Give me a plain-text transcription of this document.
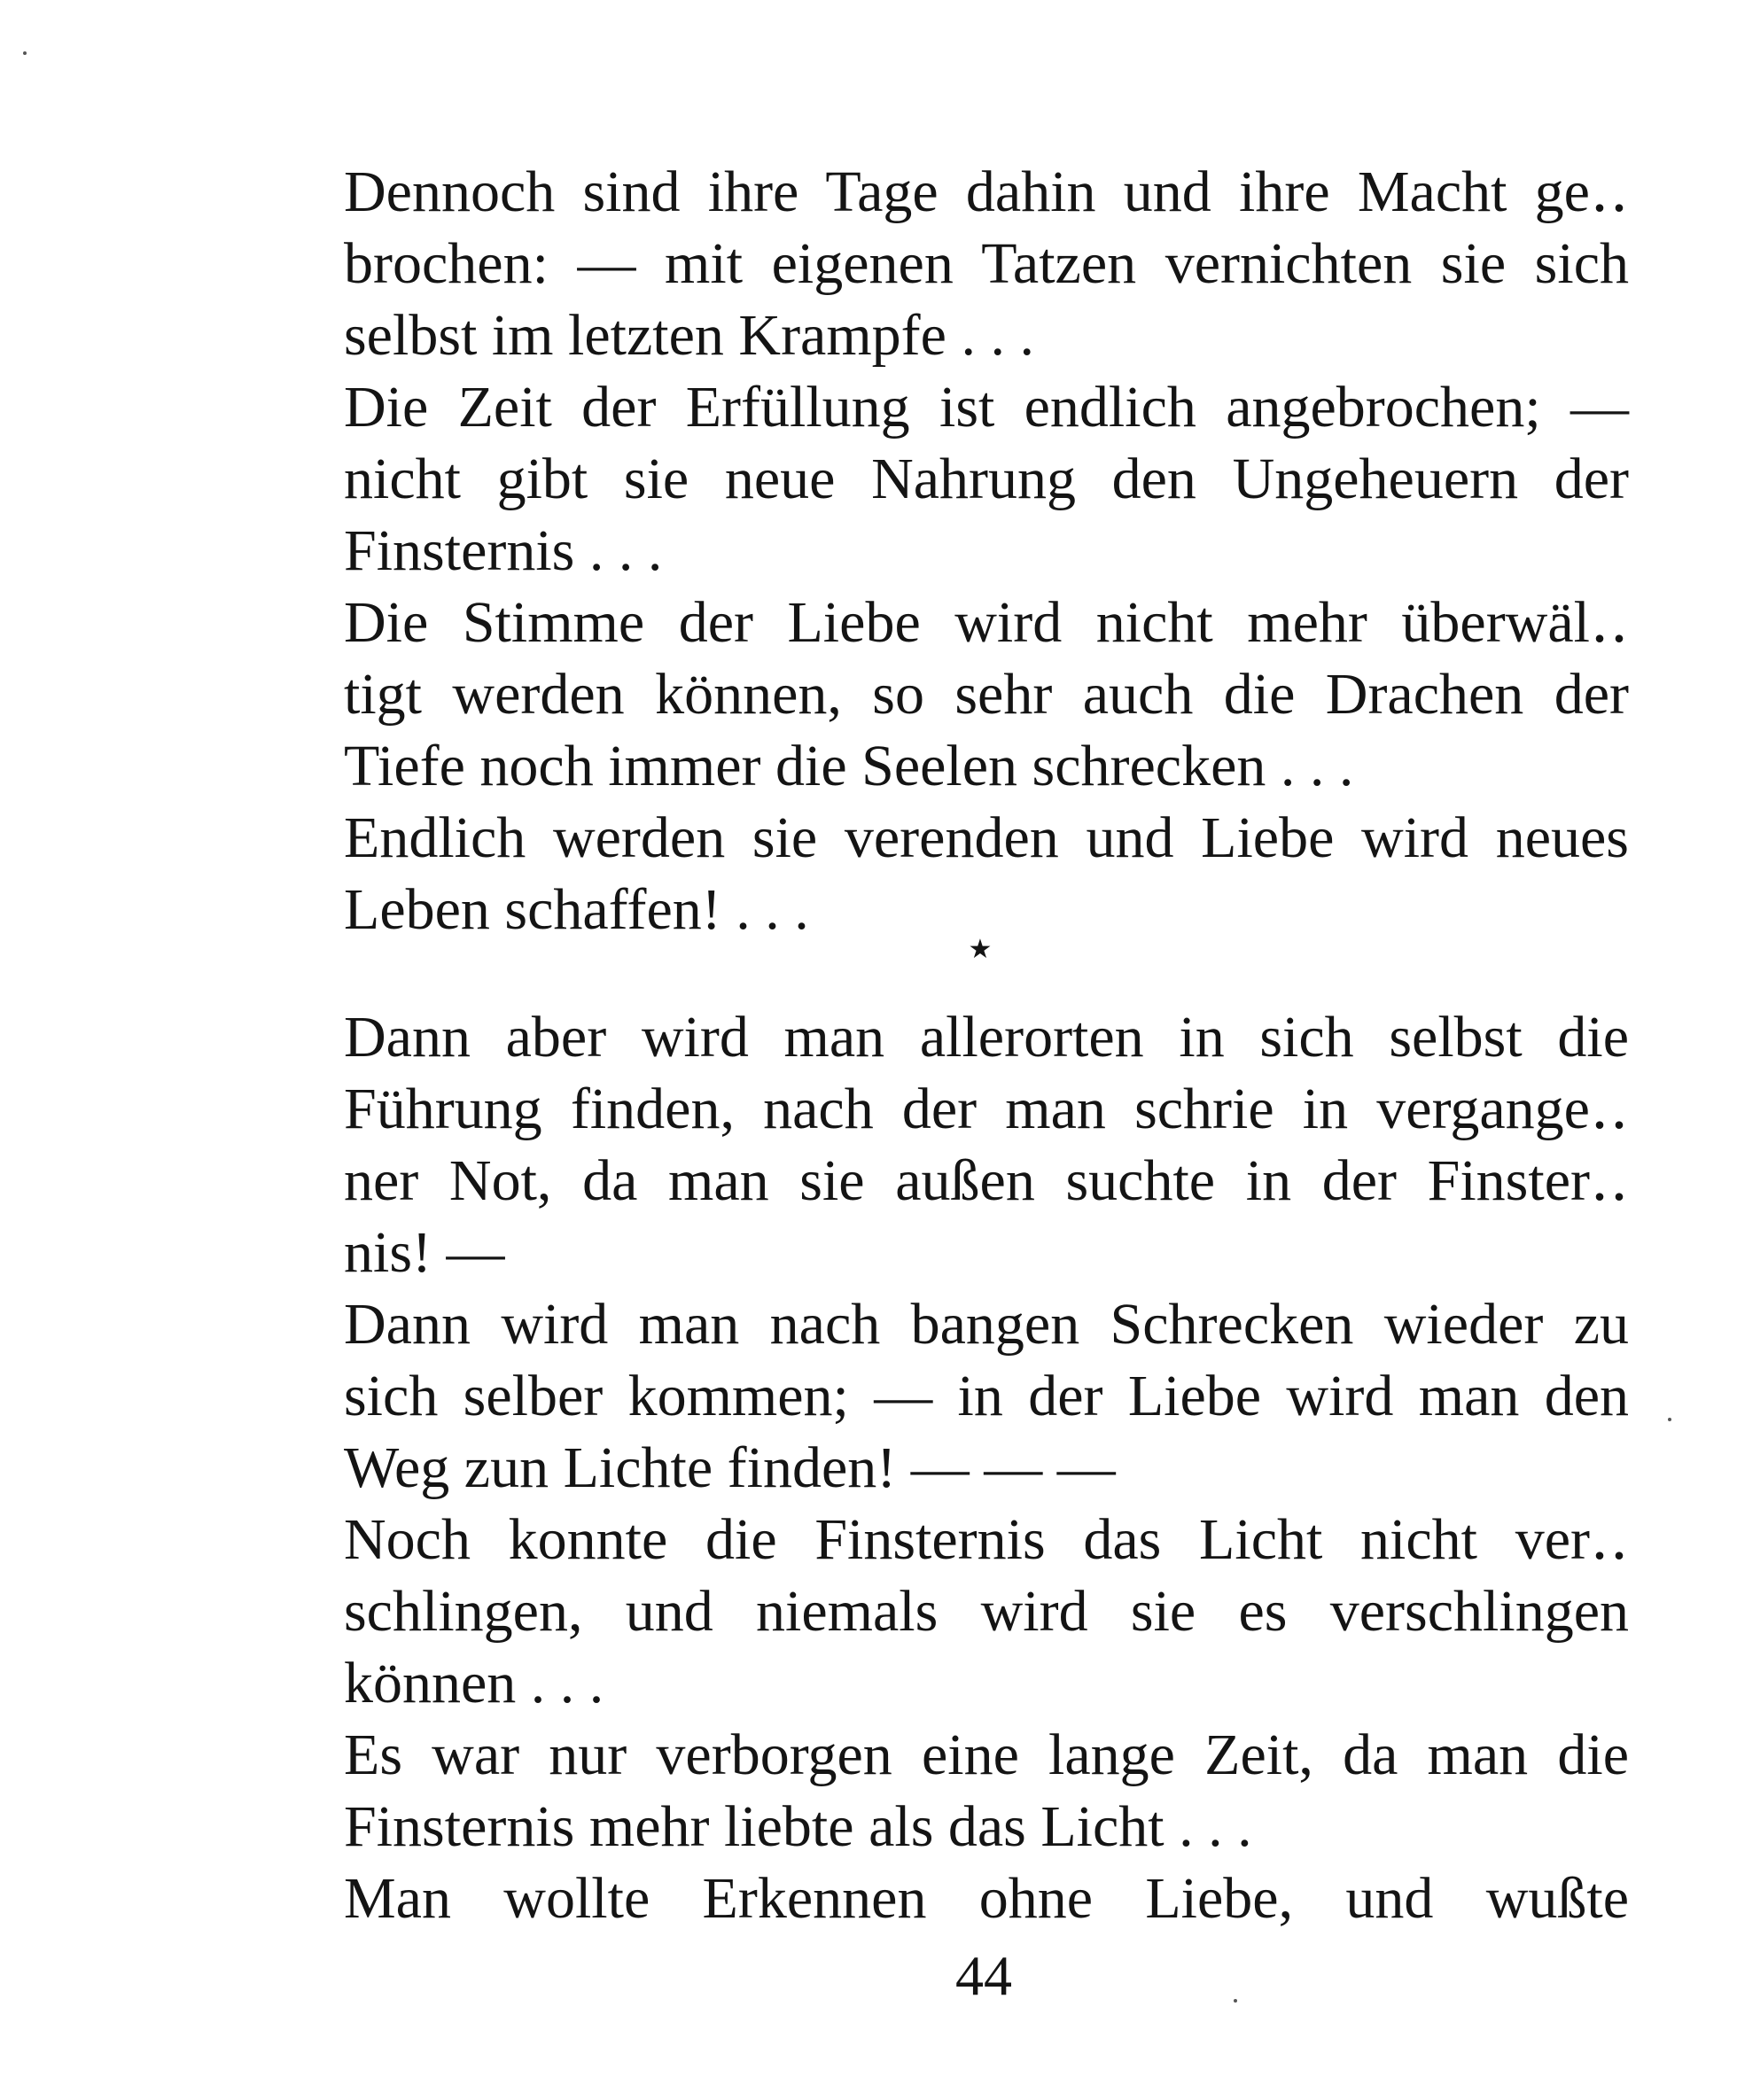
Dennoch sind ihre Tage dahin und ihre Macht ge‥
brochen: — mit eigenen Tatzen vernichten sie sich
selbst im letzten Krampfe . . .
Die Zeit der Erfüllung ist endlich angebrochen; —
nicht gibt sie neue Nahrung den Ungeheuern der
Finsternis . . .
Die Stimme der Liebe wird nicht mehr überwäl‥
tigt werden können, so sehr auch die Drachen der
Tiefe noch immer die Seelen schrecken . . .
Endlich werden sie verenden und Liebe wird neues
Leben schaffen! . . .
★
Dann aber wird man allerorten in sich selbst die
Führung finden, nach der man schrie in vergange‥
ner Not, da man sie außen suchte in der Finster‥
nis! —
Dann wird man nach bangen Schrecken wieder zu
sich selber kommen; — in der Liebe wird man den
Weg zun Lichte finden! — — —
Noch konnte die Finsternis das Licht nicht ver‥
schlingen, und niemals wird sie es verschlingen
können . . .
Es war nur verborgen eine lange Zeit, da man die
Finsternis mehr liebte als das Licht . . .
Man wollte Erkennen ohne Liebe, und wußte
44
